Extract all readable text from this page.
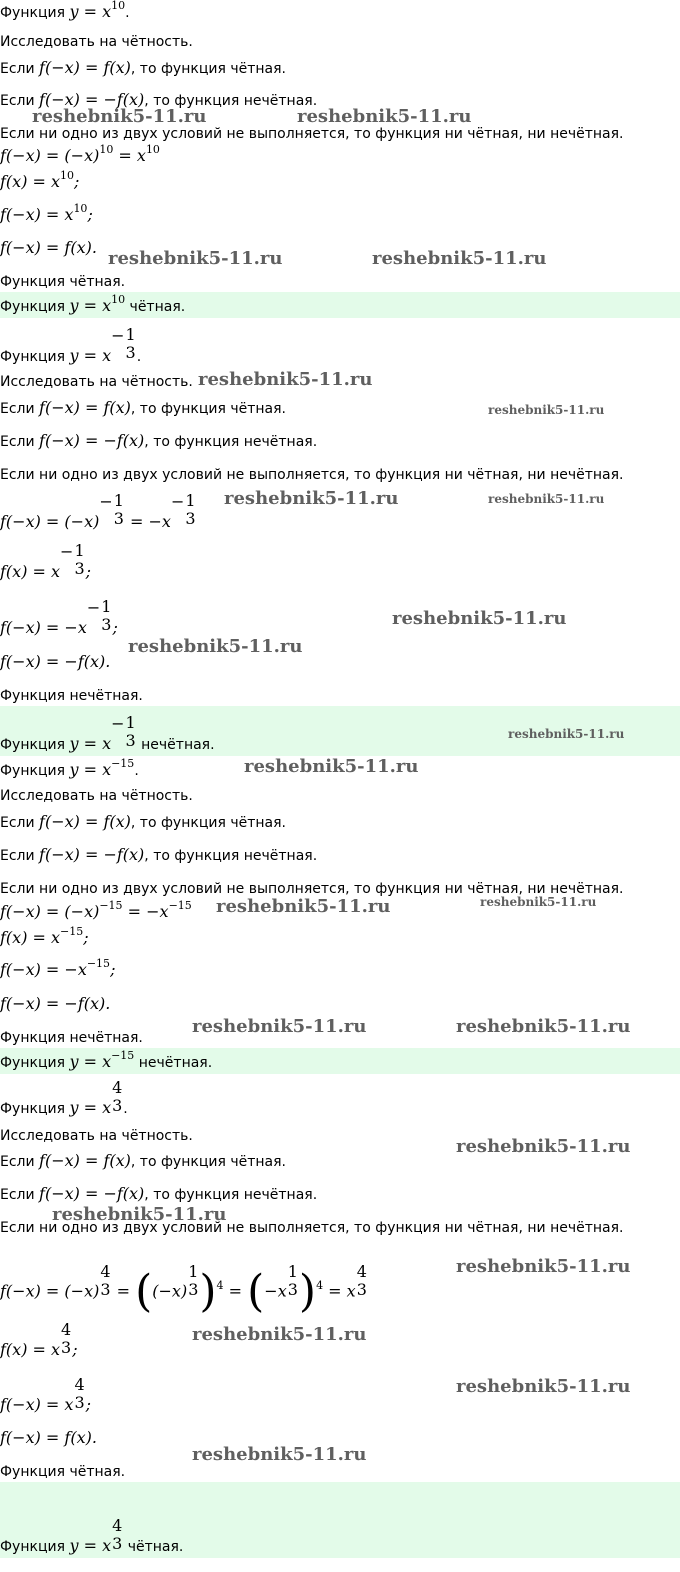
Функция $y = x^{10}$.
Исследовать на чётность.
Если f(−x) = f(x), то функция чётная.
Если f(−x) = −f(x), то функция нечётная.
Если ни одно из двух условий не выполняется, то функция ни чётная, ни нечётная.
$f(-x) = (-x)^{10} = x^{10}$
$f(x) = x^{10}$;
$f(-x) = x^{10}$;
f(−x) = f(x).
Функция чётная.
Функция $y = x^{10}$ чётная.
Функция y = x
− 1
3 .
Исследовать на чётность.
Если f(−x) = f(x), то функция чётная.
Если f(−x) = −f(x), то функция нечётная.
Если ни одно из двух условий не выполняется, то функция ни чётная, ни нечётная.
f(−x) = (−x)
− 1
3 = −x
− 1
3
f(x) = x
− 1
3 ;
f(−x) = −x
− 1
3 ;
f(−x) = −f(x).
Функция нечётная.
Функция y = x
− 1
3 нечётная.
Функция $y = x^{-15}$.
Исследовать на чётность.
Если f(−x) = f(x), то функция чётная.
Если f(−x) = −f(x), то функция нечётная.
Если ни одно из двух условий не выполняется, то функция ни чётная, ни нечётная.
$f(-x) = (-x)^{-15} = -x^{-15}$
$f(x) = x^{-15}$;
$f(-x) = -x^{-15}$;
f(−x) = −f(x).
Функция нечётная.
Функция $y = x^{-15}$ нечётная.
Функция y = x
4
3 .
Исследовать на чётность.
Если f(−x) = f(x), то функция чётная.
Если f(−x) = −f(x), то функция нечётная.
Если ни одно из двух условий не выполняется, то функция ни чётная, ни нечётная.
f(−x) = (−x)
4
3 = ((−x)
1
3 )$^4$ = (−x
1
3 )$^4$ = x
4
3
f(x) = x
4
3 ;
f(−x) = x
4
3 ;
f(−x) = f(x).
Функция чётная.
Функция y = x
4
3 чётная.
reshebnik5-11.ru	reshebnik5-11.ru
reshebnik5-11.ru	reshebnik5-11.ru
reshebnik5-11.ru
reshebnik5-11.ru
reshebnik5-11.ru	reshebnik5-11.ru
reshebnik5-11.ru
reshebnik5-11.ru
reshebnik5-11.ru
reshebnik5-11.ru
reshebnik5-11.ru	reshebnik5-11.ru
reshebnik5-11.ru	reshebnik5-11.ru
reshebnik5-11.ru
reshebnik5-11.ru
reshebnik5-11.ru
reshebnik5-11.ru
reshebnik5-11.ru
reshebnik5-11.ru
